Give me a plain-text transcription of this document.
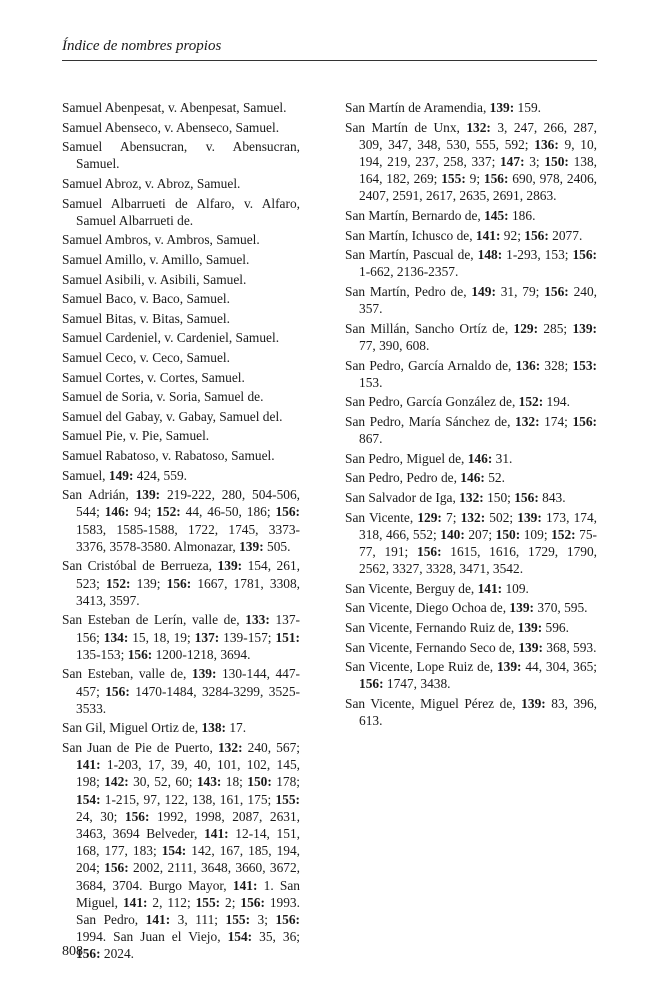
Índice de nombres propios

Samuel Abenpesat, v. Abenpesat, Samuel.

Samuel Abenseco, v. Abenseco, Samuel.

Samuel Abensucran, v. Abensucran, Samuel.

Samuel Abroz, v. Abroz, Samuel.

Samuel Albarrueti de Alfaro, v. Alfaro, Samuel Albarrueti de.

Samuel Ambros, v. Ambros, Samuel.

Samuel Amillo, v. Amillo, Samuel.

Samuel Asibili, v. Asibili, Samuel.

Samuel Baco, v. Baco, Samuel.

Samuel Bitas, v. Bitas, Samuel.

Samuel Cardeniel, v. Cardeniel, Samuel.

Samuel Ceco, v. Ceco, Samuel.

Samuel Cortes, v. Cortes, Samuel.

Samuel de Soria, v. Soria, Samuel de.

Samuel del Gabay, v. Gabay, Samuel del.

Samuel Pie, v. Pie, Samuel.

Samuel Rabatoso, v. Rabatoso, Samuel.

Samuel, 149: 424, 559.

San Adrián, 139: 219-222, 280, 504-506, 544; 146: 94; 152: 44, 46-50, 186; 156: 1583, 1585-1588, 1722, 1745, 3373-3376, 3578-3580. Almonazar, 139: 505.

San Cristóbal de Berrueza, 139: 154, 261, 523; 152: 139; 156: 1667, 1781, 3308, 3413, 3597.

San Esteban de Lerín, valle de, 133: 137-156; 134: 15, 18, 19; 137: 139-157; 151: 135-153; 156: 1200-1218, 3694.

San Esteban, valle de, 139: 130-144, 447-457; 156: 1470-1484, 3284-3299, 3525-3533.

San Gil, Miguel Ortiz de, 138: 17.

San Juan de Pie de Puerto, 132: 240, 567; 141: 1-203, 17, 39, 40, 101, 102, 145, 198; 142: 30, 52, 60; 143: 18; 150: 178; 154: 1-215, 97, 122, 138, 161, 175; 155: 24, 30; 156: 1992, 1998, 2087, 2631, 3463, 3694 Belveder, 141: 12-14, 151, 168, 177, 183; 154: 142, 167, 185, 194, 204; 156: 2002, 2111, 3648, 3660, 3672, 3684, 3704. Burgo Mayor, 141: 1. San Miguel, 141: 2, 112; 155: 2; 156: 1993. San Pedro, 141: 3, 111; 155: 3; 156: 1994. San Juan el Viejo, 154: 35, 36; 156: 2024.

San Martín de Aramendia, 139: 159.

San Martín de Unx, 132: 3, 247, 266, 287, 309, 347, 348, 530, 555, 592; 136: 9, 10, 194, 219, 237, 258, 337; 147: 3; 150: 138, 164, 182, 269; 155: 9; 156: 690, 978, 2406, 2407, 2591, 2617, 2635, 2691, 2863.

San Martín, Bernardo de, 145: 186.

San Martín, Ichusco de, 141: 92; 156: 2077.

San Martín, Pascual de, 148: 1-293, 153; 156: 1-662, 2136-2357.

San Martín, Pedro de, 149: 31, 79; 156: 240, 357.

San Millán, Sancho Ortíz de, 129: 285; 139: 77, 390, 608.

San Pedro, García Arnaldo de, 136: 328; 153: 153.

San Pedro, García González de, 152: 194.

San Pedro, María Sánchez de, 132: 174; 156: 867.

San Pedro, Miguel de, 146: 31.

San Pedro, Pedro de, 146: 52.

San Salvador de Iga, 132: 150; 156: 843.

San Vicente, 129: 7; 132: 502; 139: 173, 174, 318, 466, 552; 140: 207; 150: 109; 152: 75-77, 191; 156: 1615, 1616, 1729, 1790, 2562, 3327, 3328, 3471, 3542.

San Vicente, Berguy de, 141: 109.

San Vicente, Diego Ochoa de, 139: 370, 595.

San Vicente, Fernando Ruiz de, 139: 596.

San Vicente, Fernando Seco de, 139: 368, 593.

San Vicente, Lope Ruiz de, 139: 44, 304, 365; 156: 1747, 3438.

San Vicente, Miguel Pérez de, 139: 83, 396, 613.

808
